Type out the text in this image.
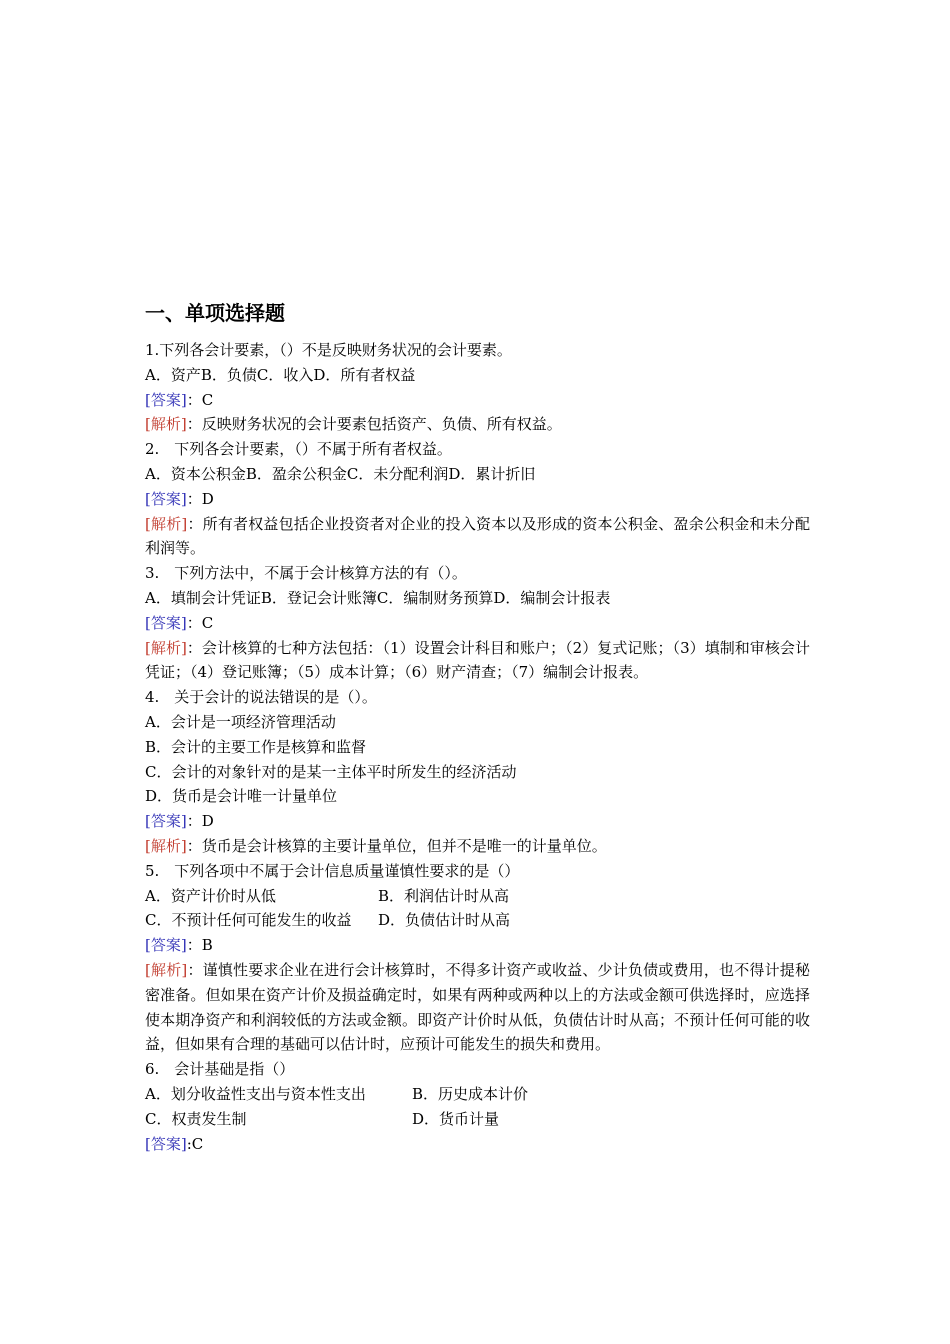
一、单项选择题
1.下列各会计要素，（）不是反映财务状况的会计要素。
A．资产B．负债C．收入D．所有者权益
[答案]：C
[解析]：反映财务状况的会计要素包括资产、负债、所有权益。
2.　下列各会计要素，（）不属于所有者权益。
A．资本公积金B．盈余公积金C．未分配利润D．累计折旧
[答案]：D
[解析]：所有者权益包括企业投资者对企业的投入资本以及形成的资本公积金、盈余公积金和未分配利润等。
3.　下列方法中，不属于会计核算方法的有（）。
A．填制会计凭证B．登记会计账簿C．编制财务预算D．编制会计报表
[答案]：C
[解析]：会计核算的七种方法包括：（1）设置会计科目和账户；（2）复式记账；（3）填制和审核会计凭证；（4）登记账簿；（5）成本计算；（6）财产清查；（7）编制会计报表。
4.　关于会计的说法错误的是（）。
A．会计是一项经济管理活动
B．会计的主要工作是核算和监督
C．会计的对象针对的是某一主体平时所发生的经济活动
D．货币是会计唯一计量单位
[答案]：D
[解析]：货币是会计核算的主要计量单位，但并不是唯一的计量单位。
5.　下列各项中不属于会计信息质量谨慎性要求的是（）
A．资产计价时从低	B．利润估计时从高
C．不预计任何可能发生的收益	D．负债估计时从高
[答案]：B
[解析]：谨慎性要求企业在进行会计核算时，不得多计资产或收益、少计负债或费用，也不得计提秘密准备。但如果在资产计价及损益确定时，如果有两种或两种以上的方法或金额可供选择时，应选择使本期净资产和利润较低的方法或金额。即资产计价时从低，负债估计时从高；不预计任何可能的收益，但如果有合理的基础可以估计时，应预计可能发生的损失和费用。
6.　会计基础是指（）
A．划分收益性支出与资本性支出	B．历史成本计价
C．权责发生制	D．货币计量
[答案]:C
